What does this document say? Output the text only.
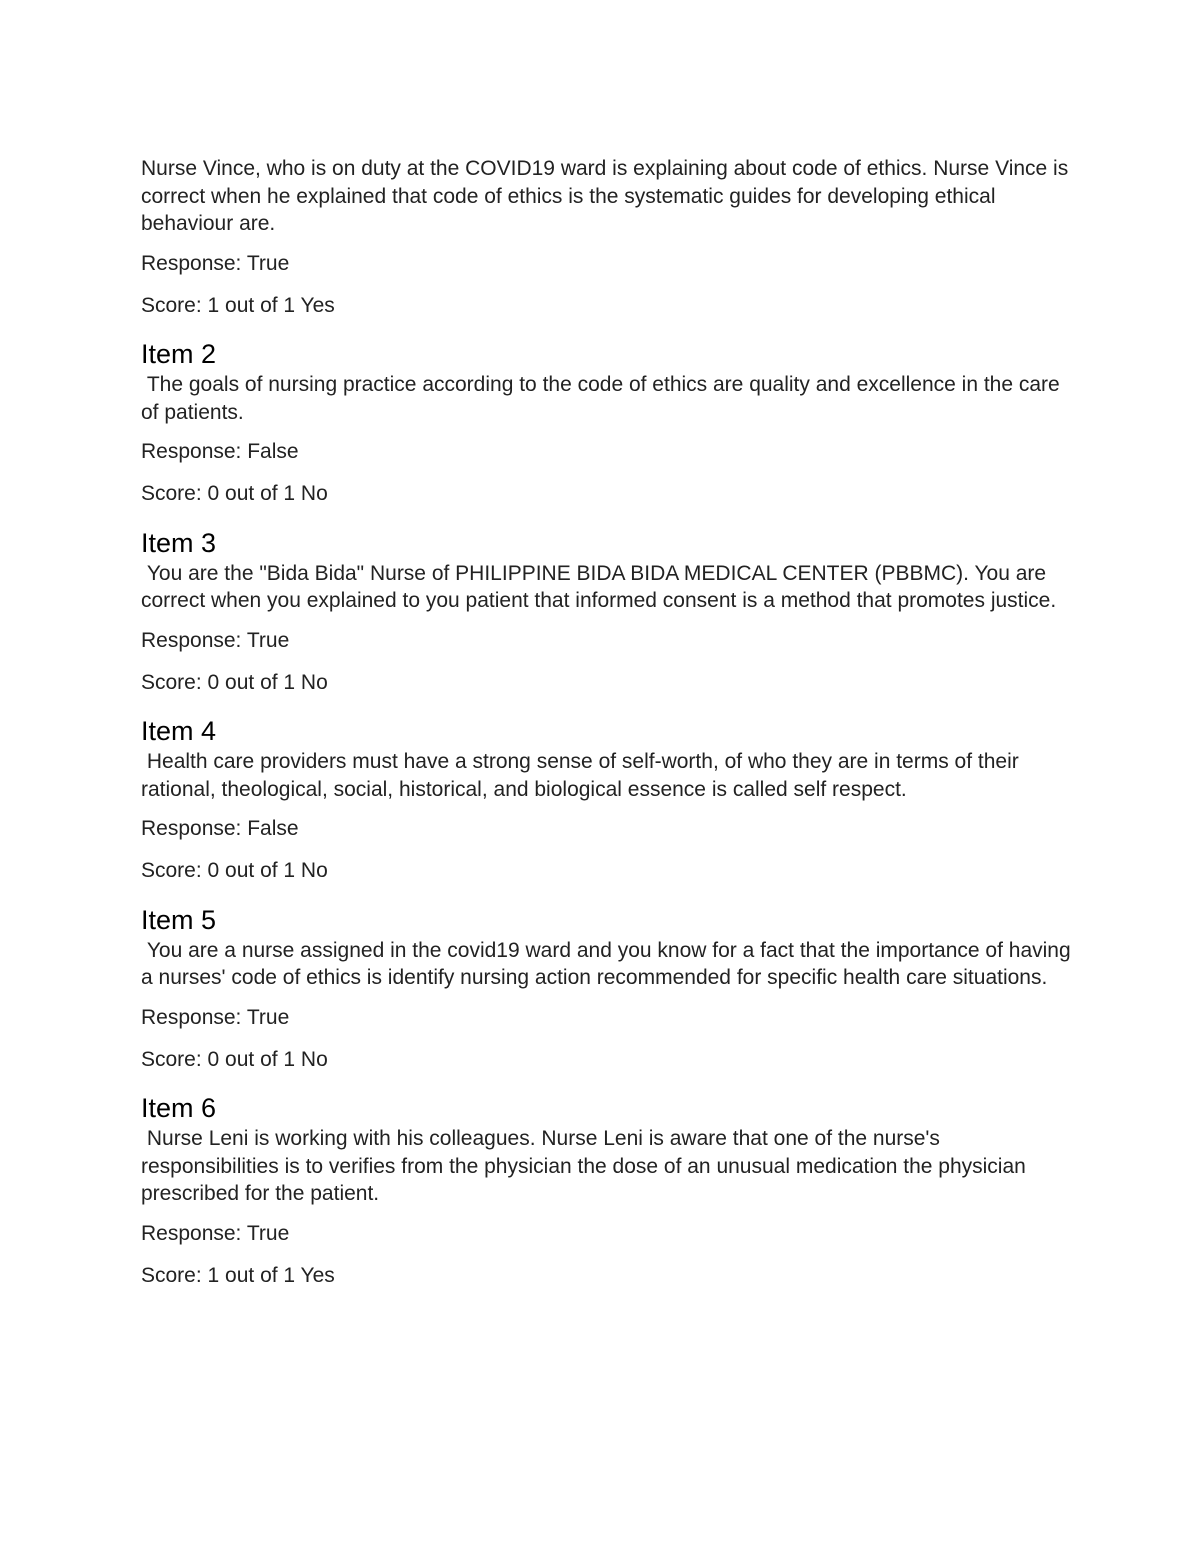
Nurse Vince, who is on duty at the COVID19 ward is explaining about code of ethics. Nurse Vince is correct when he explained that code of ethics is the systematic guides for developing ethical behaviour are.

Response: True

Score: 1 out of 1 Yes

Item 2

The goals of nursing practice according to the code of ethics are quality and excellence in the care of patients.

Response: False

Score: 0 out of 1 No

Item 3

You are the "Bida Bida" Nurse of PHILIPPINE BIDA BIDA MEDICAL CENTER (PBBMC). You are correct when you explained to you patient that informed consent is a method that promotes justice.

Response: True

Score: 0 out of 1 No

Item 4

Health care providers must have a strong sense of self-worth, of who they are in terms of their rational, theological, social, historical, and biological essence is called self respect.

Response: False

Score: 0 out of 1 No

Item 5

You are a nurse assigned in the covid19 ward and you know for a fact that the importance of having a nurses' code of ethics is identify nursing action recommended for specific health care situations.

Response: True

Score: 0 out of 1 No

Item 6

Nurse Leni is working with his colleagues. Nurse Leni is aware that one of the nurse's responsibilities is to verifies from the physician the dose of an unusual medication the physician prescribed for the patient.

Response: True

Score: 1 out of 1 Yes
